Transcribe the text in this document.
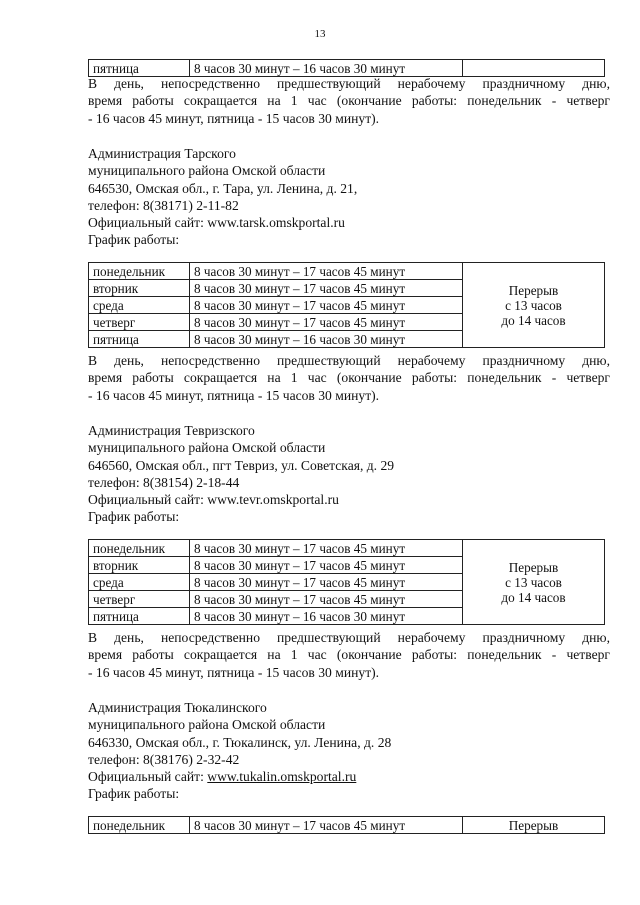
13
пятница	8 часов 30 минут – 16 часов 30 минут	

В день, непосредственно предшествующий нерабочему праздничному дню,

время работы сокращается на 1 час (окончание работы: понедельник - четверг

- 16 часов 45 минут, пятница - 15 часов 30 минут).

Администрация Тарского

муниципального района Омской области

646530, Омская обл., г. Тара, ул. Ленина, д. 21,

телефон: 8(38171) 2-11-82

Официальный сайт: www.tarsk.omskportal.ru

График работы:

понедельник	8 часов 30 минут – 17 часов 45 минут	Перерыв
с 13 часов
до 14 часов

вторник	8 часов 30 минут – 17 часов 45 минут	
среда	8 часов 30 минут – 17 часов 45 минут	
четверг	8 часов 30 минут – 17 часов 45 минут	
пятница	8 часов 30 минут – 16 часов 30 минут	

В день, непосредственно предшествующий нерабочему праздничному дню,

время работы сокращается на 1 час (окончание работы: понедельник - четверг

- 16 часов 45 минут, пятница - 15 часов 30 минут).

Администрация Тевризского

муниципального района Омской области

646560, Омская обл., пгт Тевриз, ул. Советская, д. 29

телефон: 8(38154) 2-18-44

Официальный сайт: www.tevr.omskportal.ru

График работы:

понедельник	8 часов 30 минут – 17 часов 45 минут	Перерыв
с 13 часов
до 14 часов

вторник	8 часов 30 минут – 17 часов 45 минут	
среда	8 часов 30 минут – 17 часов 45 минут	
четверг	8 часов 30 минут – 17 часов 45 минут	
пятница	8 часов 30 минут – 16 часов 30 минут	

В день, непосредственно предшествующий нерабочему праздничному дню,

время работы сокращается на 1 час (окончание работы: понедельник - четверг

- 16 часов 45 минут, пятница - 15 часов 30 минут).

Администрация Тюкалинского

муниципального района Омской области

646330, Омская обл., г. Тюкалинск, ул. Ленина, д. 28

телефон: 8(38176) 2-32-42

Официальный сайт: www.tukalin.omskportal.ru

График работы:

понедельник	8 часов 30 минут – 17 часов 45 минут	Перерыв
